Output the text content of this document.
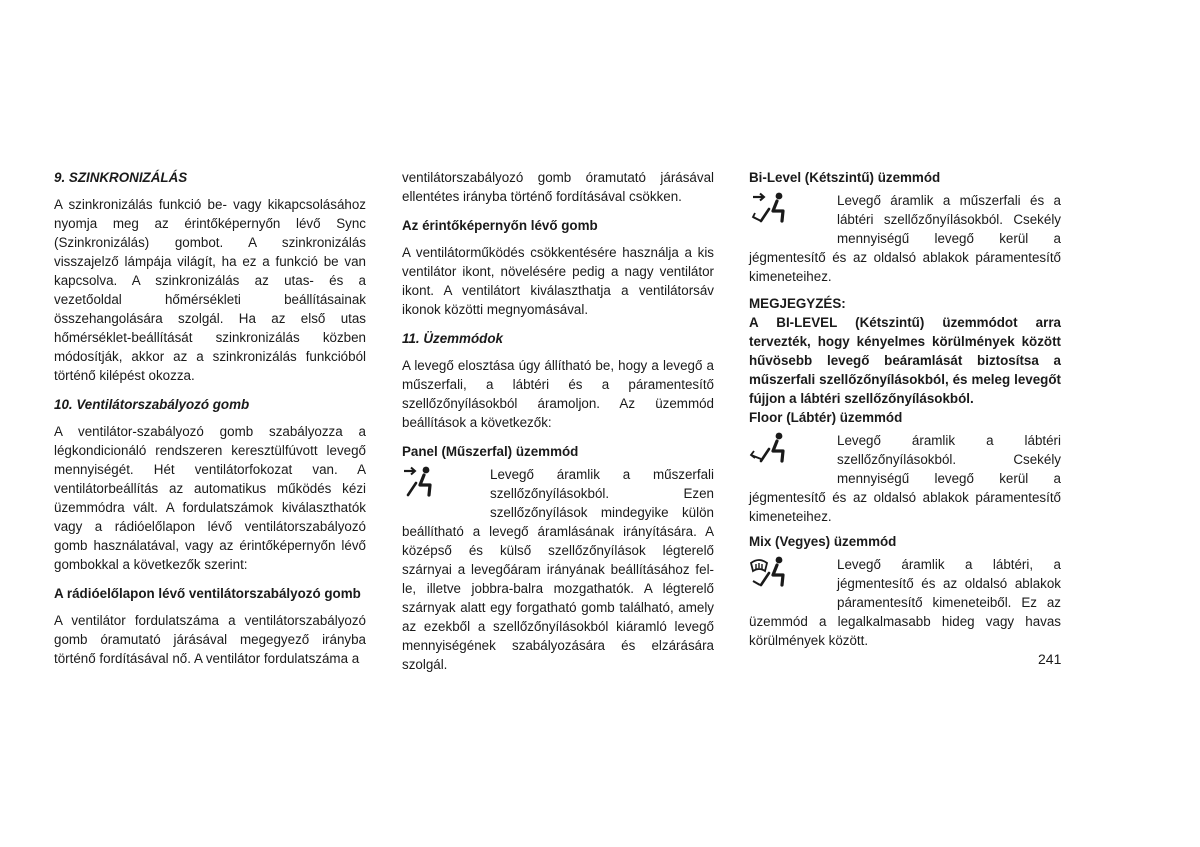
9. SZINKRONIZÁLÁS

A szinkronizálás funkció be- vagy kikapcsolásához nyomja meg az érintőképernyőn lévő Sync (Szinkronizálás) gombot. A szinkronizálás visszajelző lámpája világít, ha ez a funkció be van kapcsolva. A szinkronizálás az utas- és a vezetőoldal hőmérsékleti beállításainak összehangolására szolgál. Ha az első utas hőmérséklet-beállítását szinkronizálás közben módosítják, akkor az a szinkronizálás funkcióból történő kilépést okozza.

10. Ventilátorszabályozó gomb

A ventilátor-szabályozó gomb szabályozza a légkondicionáló rendszeren keresztülfúvott levegő mennyiségét. Hét ventilátorfokozat van. A ventilátorbeállítás az automatikus működés kézi üzemmódra vált. A fordulatszámok kiválaszthatók vagy a rádióelőlapon lévő ventilátorszabályozó gomb használatával, vagy az érintőképernyőn lévő gombokkal a következők szerint:

A rádióelőlapon lévő ventilátorszabályozó gomb

A ventilátor fordulatszáma a ventilátorszabályozó gomb óramutató járásával megegyező irányba történő fordításával nő. A ventilátor fordulatszáma a

ventilátorszabályozó gomb óramutató járásával ellentétes irányba történő fordításával csökken.

Az érintőképernyőn lévő gomb

A ventilátorműködés csökkentésére használja a kis ventilátor ikont, növelésére pedig a nagy ventilátor ikont. A ventilátort kiválaszthatja a ventilátorsáv ikonok közötti megnyomásával.

11. Üzemmódok

A levegő elosztása úgy állítható be, hogy a levegő a műszerfali, a lábtéri és a páramentesítő szellőzőnyílásokból áramoljon. Az üzemmód beállítások a következők:

Panel (Műszerfal) üzemmód

Levegő áramlik a műszerfali szellőzőnyílásokból. Ezen szellőzőnyílások mindegyike külön beállítható a levegő áramlásának irányítására. A középső és külső szellőzőnyílások légterelő szárnyai a levegőáram irányának beállításához fel-le, illetve jobbra-balra mozgathatók. A légterelő szárnyak alatt egy forgatható gomb található, amely az ezekből a szellőzőnyílásokból kiáramló levegő mennyiségének szabályozására és elzárására szolgál.

Bi-Level (Kétszintű) üzemmód

Levegő áramlik a műszerfali és a lábtéri szellőzőnyílásokból. Csekély mennyiségű levegő kerül a jégmentesítő és az oldalsó ablakok páramentesítő kimeneteihez.

MEGJEGYZÉS:

A BI-LEVEL (Kétszintű) üzemmódot arra tervezték, hogy kényelmes körülmények között hűvösebb levegő beáramlását biztosítsa a műszerfali szellőzőnyílásokból, és meleg levegőt fújjon a lábtéri szellőzőnyílásokból.

Floor (Lábtér) üzemmód

Levegő áramlik a lábtéri szellőzőnyílásokból. Csekély mennyiségű levegő kerül a jégmentesítő és az oldalsó ablakok páramentesítő kimeneteihez.

Mix (Vegyes) üzemmód

Levegő áramlik a lábtéri, a jégmentesítő és az oldalsó ablakok páramentesítő kimeneteiből. Ez az üzemmód a legalkalmasabb hideg vagy havas körülmények között.
241
